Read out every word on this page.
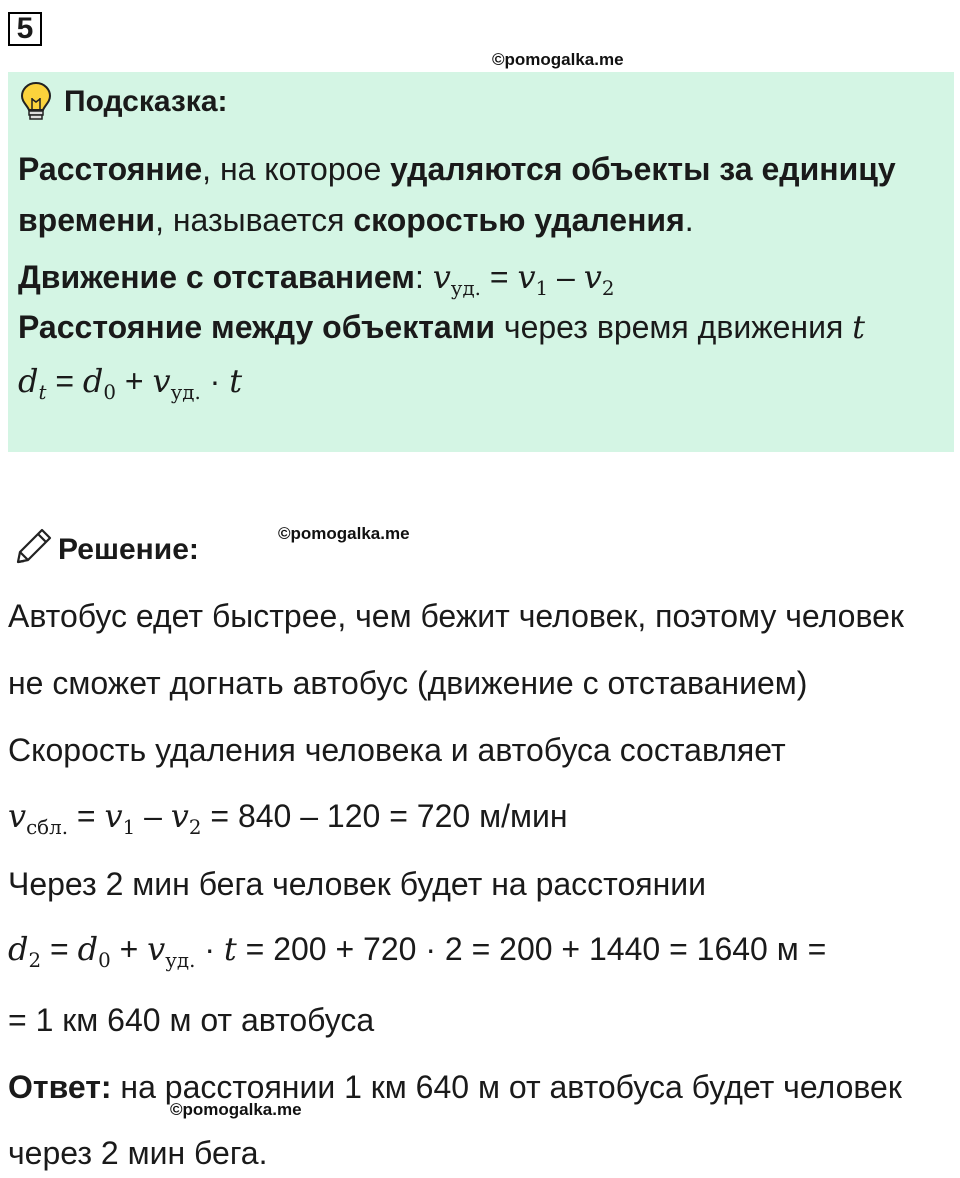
5
©pomogalka.me
Подсказка:
Расстояние, на которое удаляются объекты за единицу
времени, называется скоростью удаления.
Движение с отставанием: $v_{уд.} = v_1 - v_2$
Расстояние между объектами через время движения t
$d_t = d_0 + v_{уд.} \cdot t$
Решение:	©pomogalka.me
Автобус едет быстрее, чем бежит человек, поэтому человек
не сможет догнать автобус (движение с отставанием)
Скорость удаления человека и автобуса составляет
$v_{сбл.} = v_1 - v_2 = 840 - 120 = 720$ м/мин
Через 2 мин бега человек будет на расстоянии
$d_2 = d_0 + v_{уд.} \cdot t = 200 + 720 \cdot 2 = 200 + 1440 = 1640$ м =
= 1 км 640 м от автобуса
Ответ: на расстоянии 1 км 640 м от автобуса будет человек
©pomogalka.me
через 2 мин бега.
